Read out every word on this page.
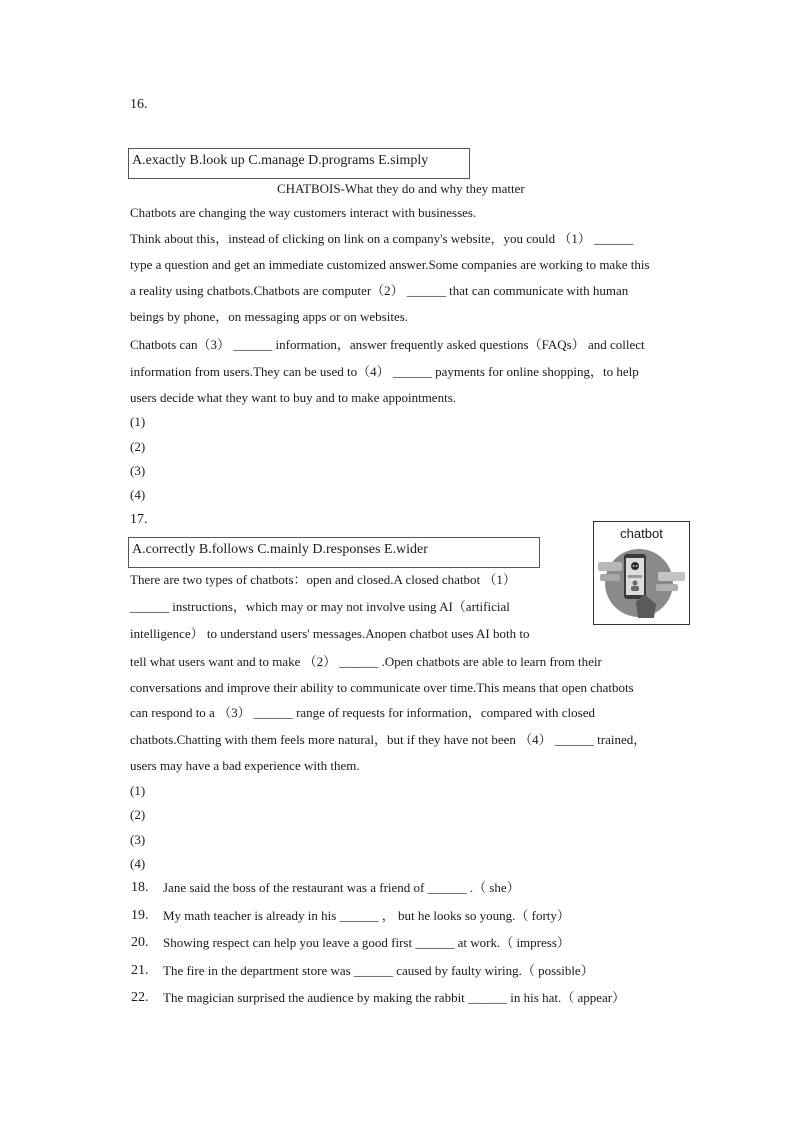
16.
A.exactly B.look up C.manage D.programs E.simply
CHATBOIS-What they do and why they matter
Chatbots are changing the way customers interact with businesses.
Think about this，instead of clicking on link on a company's website，you could （1） ______
type a question and get an immediate customized answer.Some companies are working to make this
a reality using chatbots.Chatbots are computer（2） ______ that can communicate with human
beings by phone，on messaging apps or on websites.
Chatbots can（3） ______ information，answer frequently asked questions（FAQs） and collect
information from users.They can be used to（4） ______ payments for online shopping，to help
users decide what they want to buy and to make appointments.
(1)
(2)
(3)
(4)
17.
A.correctly B.follows C.mainly D.responses E.wider
chatbot
There are two types of chatbots：open and closed.A closed chatbot （1）
______ instructions，which may or may not involve using AI（artificial
intelligence） to understand users' messages.Anopen chatbot uses AI both to
tell what users want and to make （2） ______ .Open chatbots are able to learn from their
conversations and improve their ability to communicate over time.This means that open chatbots
can respond to a （3） ______ range of requests for information，compared with closed
chatbots.Chatting with them feels more natural，but if they have not been （4） ______ trained，
users may have a bad experience with them.
(1)
(2)
(3)
(4)
18. Jane said the boss of the restaurant was a friend of ______ .（ she）
19. My math teacher is already in his ______ ， but he looks so young.（ forty）
20. Showing respect can help you leave a good first ______ at work.（ impress）
21. The fire in the department store was ______ caused by faulty wiring.（ possible）
22. The magician surprised the audience by making the rabbit ______ in his hat.（ appear）
